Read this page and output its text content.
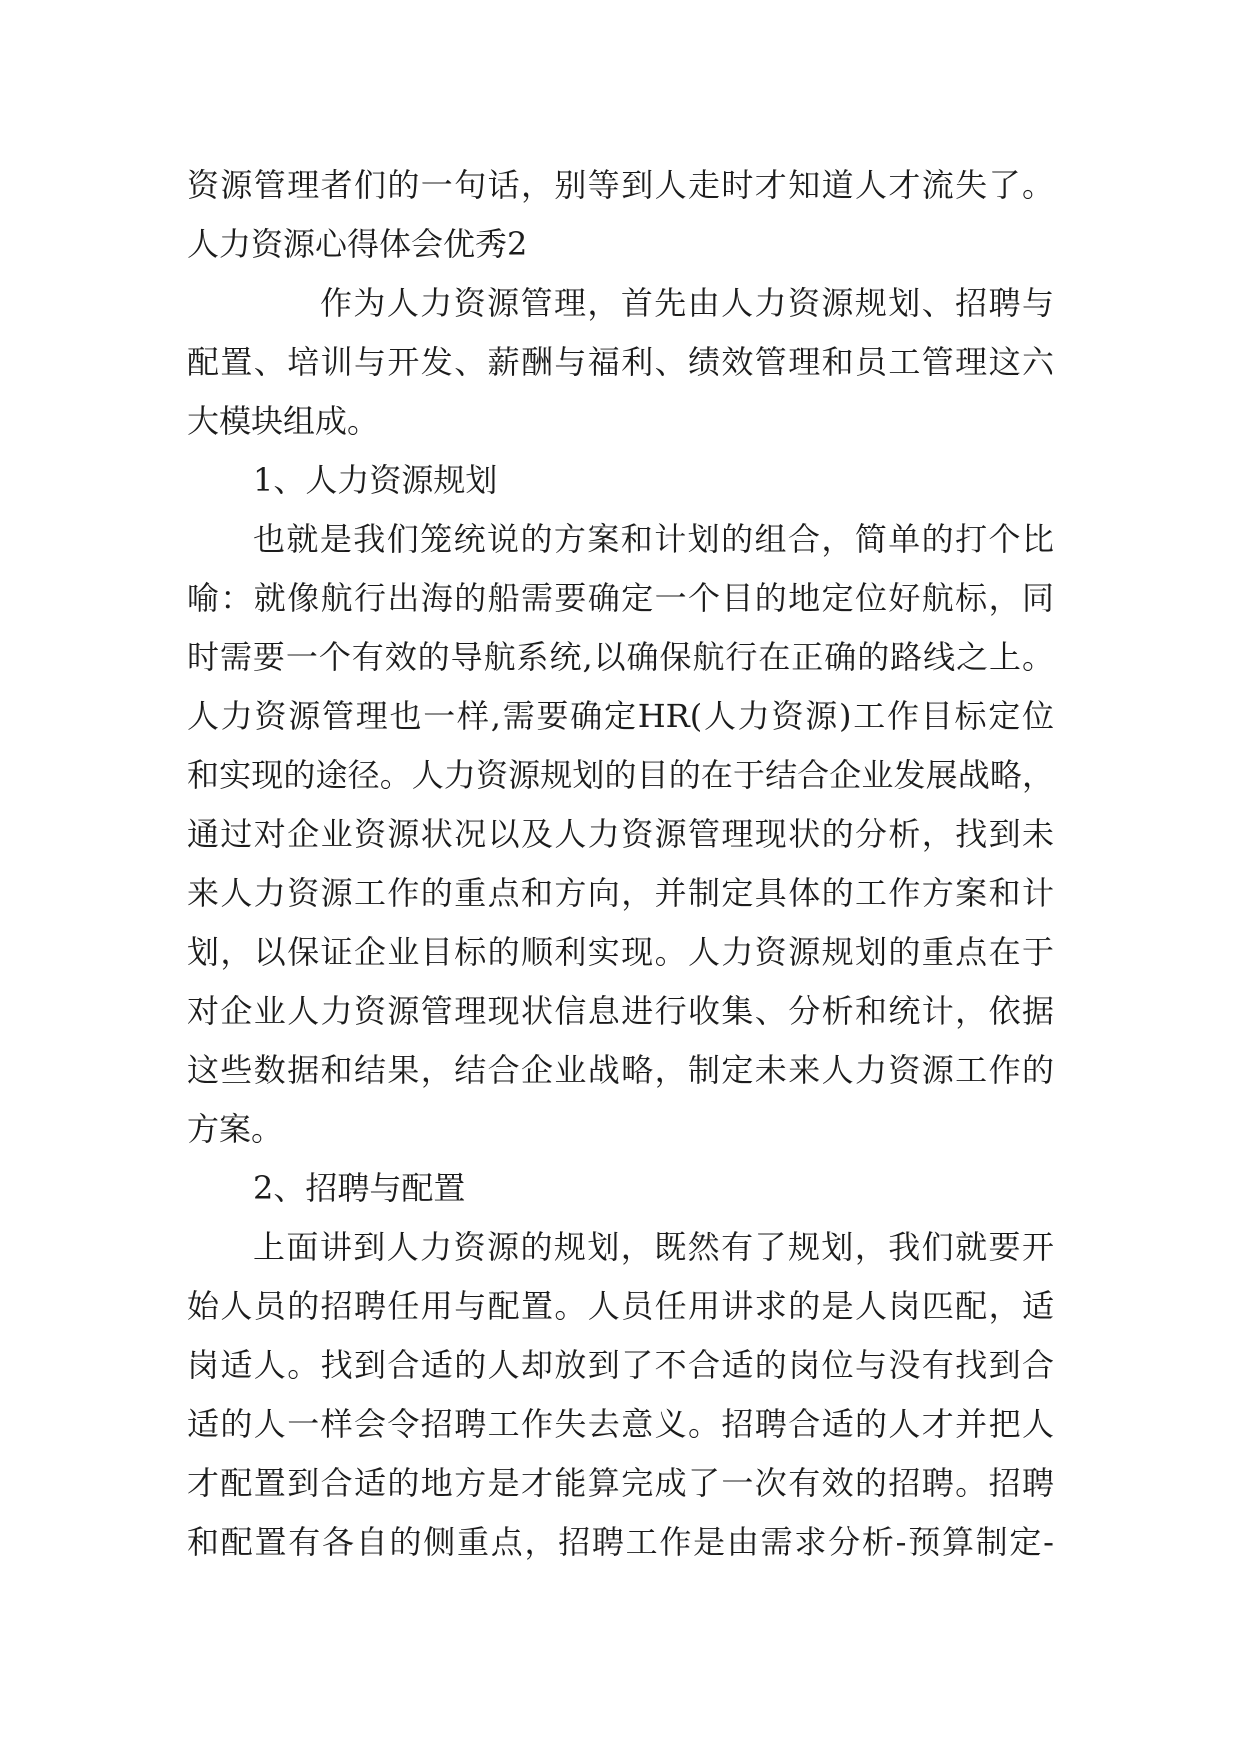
资源管理者们的一句话，别等到人走时才知道人才流失了。
人力资源心得体会优秀2
作为人力资源管理，首先由人力资源规划、招聘与
配置、培训与开发、薪酬与福利、绩效管理和员工管理这六
大模块组成。
1、人力资源规划
也就是我们笼统说的方案和计划的组合，简单的打个比
喻：就像航行出海的船需要确定一个目的地定位好航标，同
时需要一个有效的导航系统,以确保航行在正确的路线之上。
人力资源管理也一样,需要确定HR(人力资源)工作目标定位
和实现的途径。人力资源规划的目的在于结合企业发展战略，
通过对企业资源状况以及人力资源管理现状的分析，找到未
来人力资源工作的重点和方向，并制定具体的工作方案和计
划，以保证企业目标的顺利实现。人力资源规划的重点在于
对企业人力资源管理现状信息进行收集、分析和统计，依据
这些数据和结果，结合企业战略，制定未来人力资源工作的
方案。
2、招聘与配置
上面讲到人力资源的规划，既然有了规划，我们就要开
始人员的招聘任用与配置。人员任用讲求的是人岗匹配，适
岗适人。找到合适的人却放到了不合适的岗位与没有找到合
适的人一样会令招聘工作失去意义。招聘合适的人才并把人
才配置到合适的地方是才能算完成了一次有效的招聘。招聘
和配置有各自的侧重点，招聘工作是由需求分析-预算制定-
